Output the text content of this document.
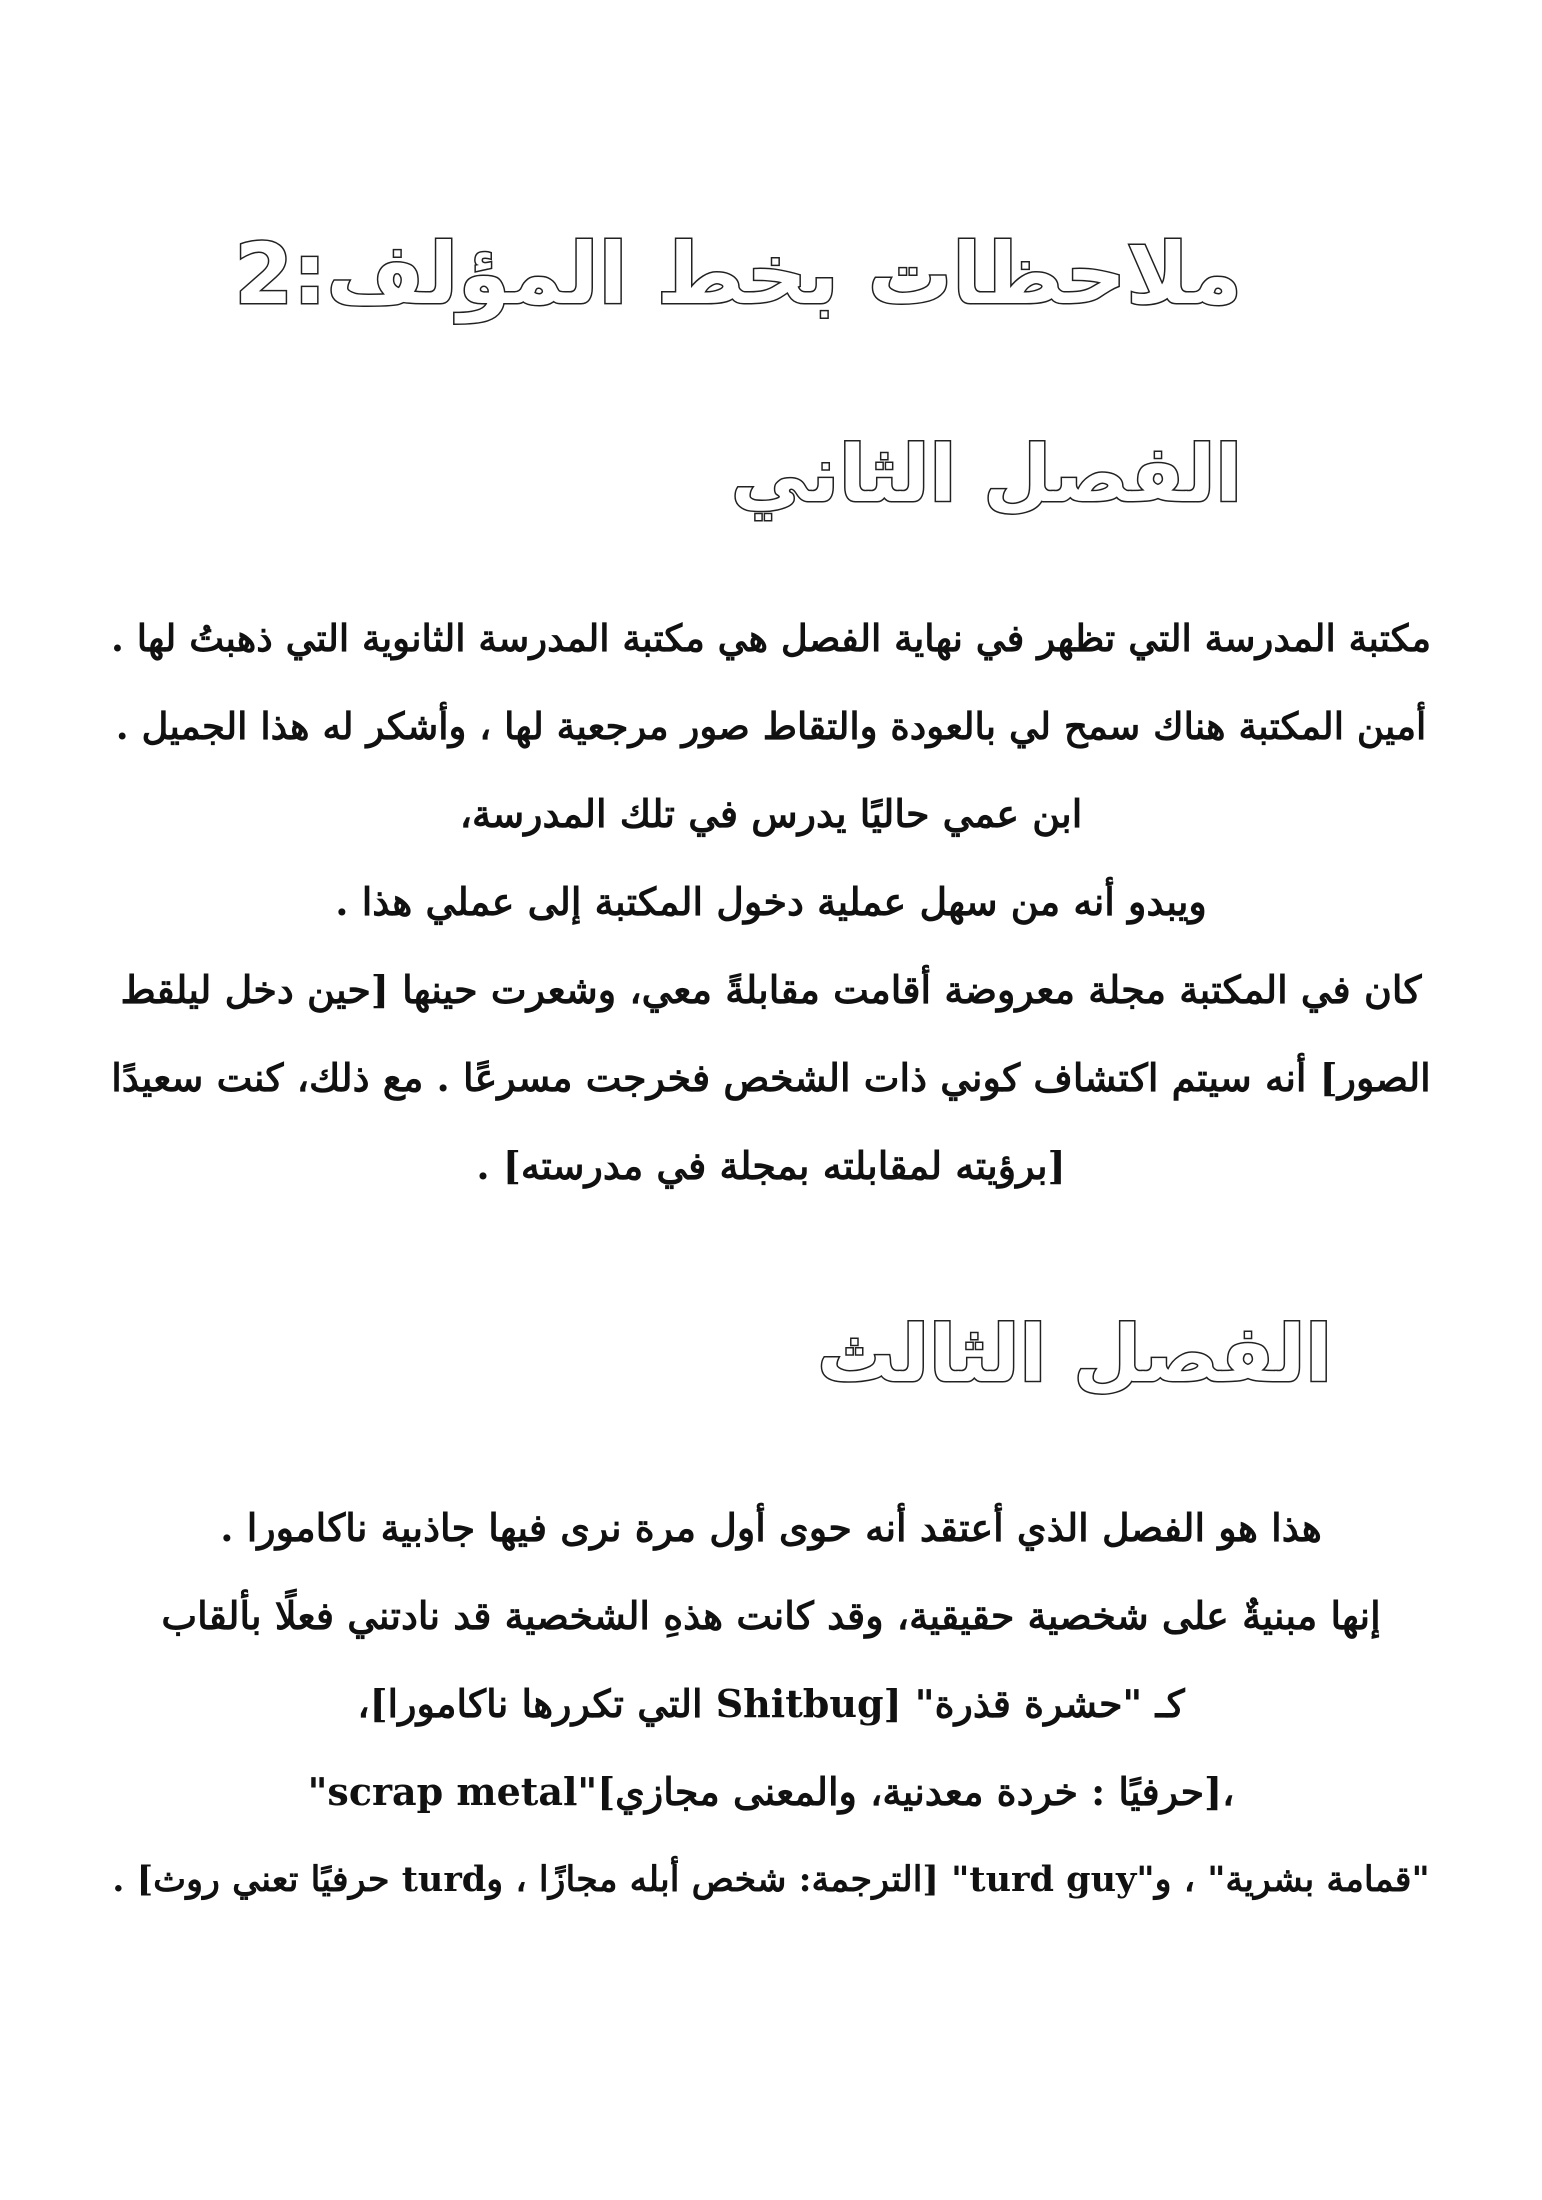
ملاحظات بخط المؤلف:2
الفصل الثاني
مكتبة المدرسة التي تظهر في نهاية الفصل هي مكتبة المدرسة الثانوية التي ذهبتُ لها .
أمين المكتبة هناك سمح لي بالعودة والتقاط صور مرجعية لها ، وأشكر له هذا الجميل .
ابن عمي حاليًا يدرس في تلك المدرسة،
ويبدو أنه من سهل عملية دخول المكتبة إلى عملي هذا .
كان في المكتبة مجلة معروضة أقامت مقابلةً معي، وشعرت حينها [حين دخل ليلقط
الصور] أنه سيتم اكتشاف كوني ذات الشخص فخرجت مسرعًا . مع ذلك، كنت سعيدًا
[برؤيته لمقابلته بمجلة في مدرسته] .
الفصل الثالث
هذا هو الفصل الذي أعتقد أنه حوى أول مرة نرى فيها جاذبية ناكامورا .
إنها مبنيةٌ على شخصية حقيقية، وقد كانت هذهِ الشخصية قد نادتني فعلًا بألقاب
كـ "حشرة قذرة" [Shitbug التي تكررها ناكامورا]،
"scrap metal"[حرفيًا : خردة معدنية، والمعنى مجازي]،
"قمامة بشرية" ، و"turd guy" [الترجمة: شخص أبله مجازًا ، وturd حرفيًا تعني روث] .
